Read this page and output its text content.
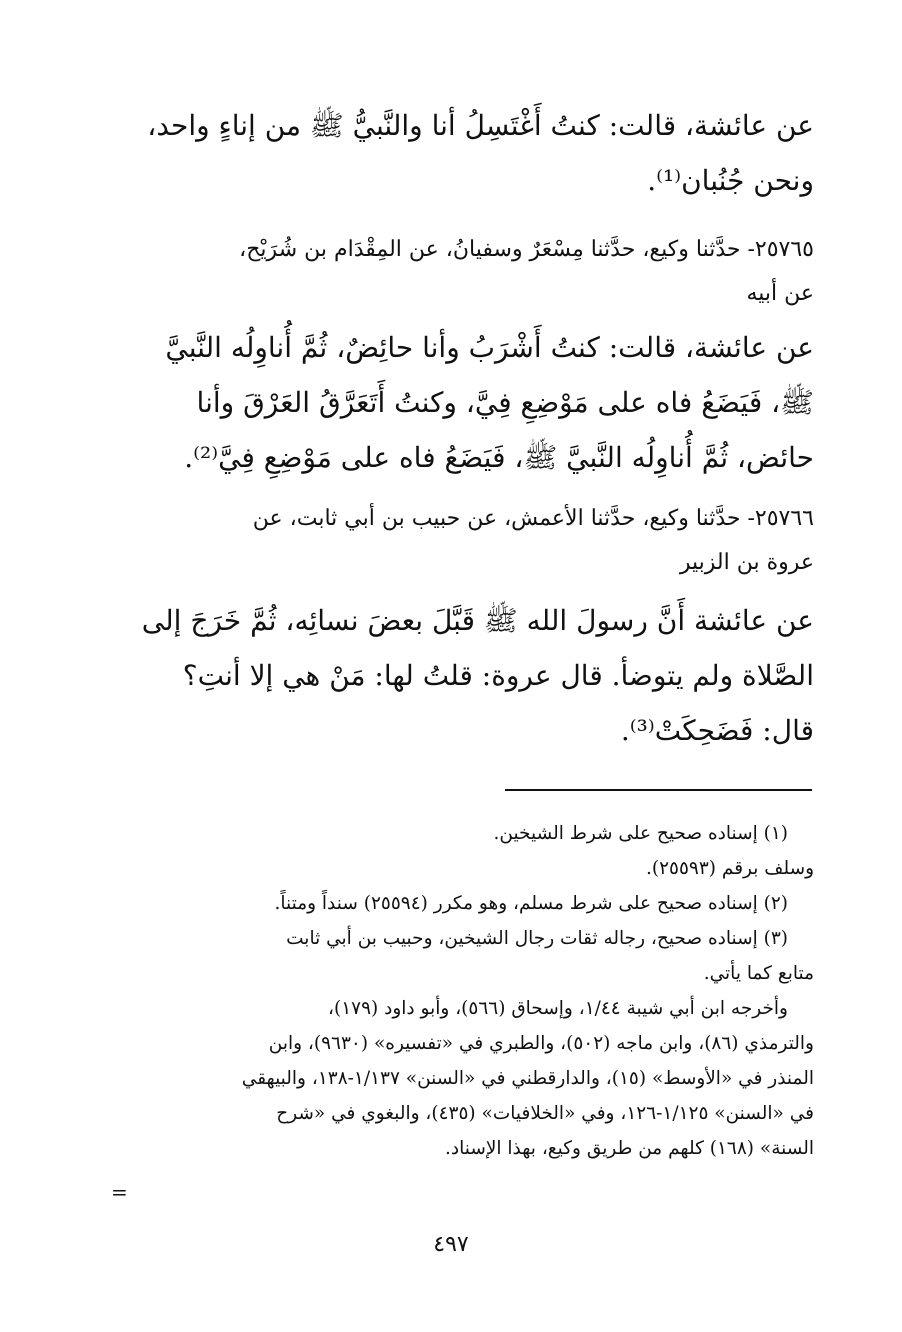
عن عائشة، قالت: كنتُ أَغْتَسِلُ أنا والنَّبيُّ ﷺ من إناءٍ واحد،
ونحن جُنُبان⁽¹⁾.
٢٥٧٦٥- حدَّثنا وكيع، حدَّثنا مِسْعَرٌ وسفيانُ، عن المِقْدَام بن شُرَيْح،
عن أبيه
عن عائشة، قالت: كنتُ أَشْرَبُ وأنا حائِضٌ، ثُمَّ أُناوِلُه النَّبيَّ
ﷺ، فَيَضَعُ فاه على مَوْضِعِ فِيَّ، وكنتُ أَتَعَرَّقُ العَرْقَ وأنا
حائض، ثُمَّ أُناوِلُه النَّبيَّ ﷺ، فَيَضَعُ فاه على مَوْضِعِ فِيَّ⁽²⁾.
٢٥٧٦٦- حدَّثنا وكيع، حدَّثنا الأعمش، عن حبيب بن أبي ثابت، عن
عروة بن الزبير
عن عائشة أَنَّ رسولَ الله ﷺ قَبَّلَ بعضَ نسائِه، ثُمَّ خَرَجَ إلى
الصَّلاة ولم يتوضأ. قال عروة: قلتُ لها: مَنْ هي إلا أنتِ؟
قال: فَضَحِكَتْ⁽³⁾.
(١) إسناده صحيح على شرط الشيخين.
وسلف برقم (٢٥٥٩٣).
(٢) إسناده صحيح على شرط مسلم، وهو مكرر (٢٥٥٩٤) سنداً ومتناً.
(٣) إسناده صحيح، رجاله ثقات رجال الشيخين، وحبيب بن أبي ثابت
متابع كما يأتي.
وأخرجه ابن أبي شيبة ١/٤٤، وإسحاق (٥٦٦)، وأبو داود (١٧٩)،
والترمذي (٨٦)، وابن ماجه (٥٠٢)، والطبري في «تفسيره» (٩٦٣٠)، وابن
المنذر في «الأوسط» (١٥)، والدارقطني في «السنن» ١/١٣٧-١٣٨، والبيهقي
في «السنن» ١/١٢٥-١٢٦، وفي «الخلافيات» (٤٣٥)، والبغوي في «شرح
السنة» (١٦٨) كلهم من طريق وكيع، بهذا الإسناد.
=
٤٩٧
